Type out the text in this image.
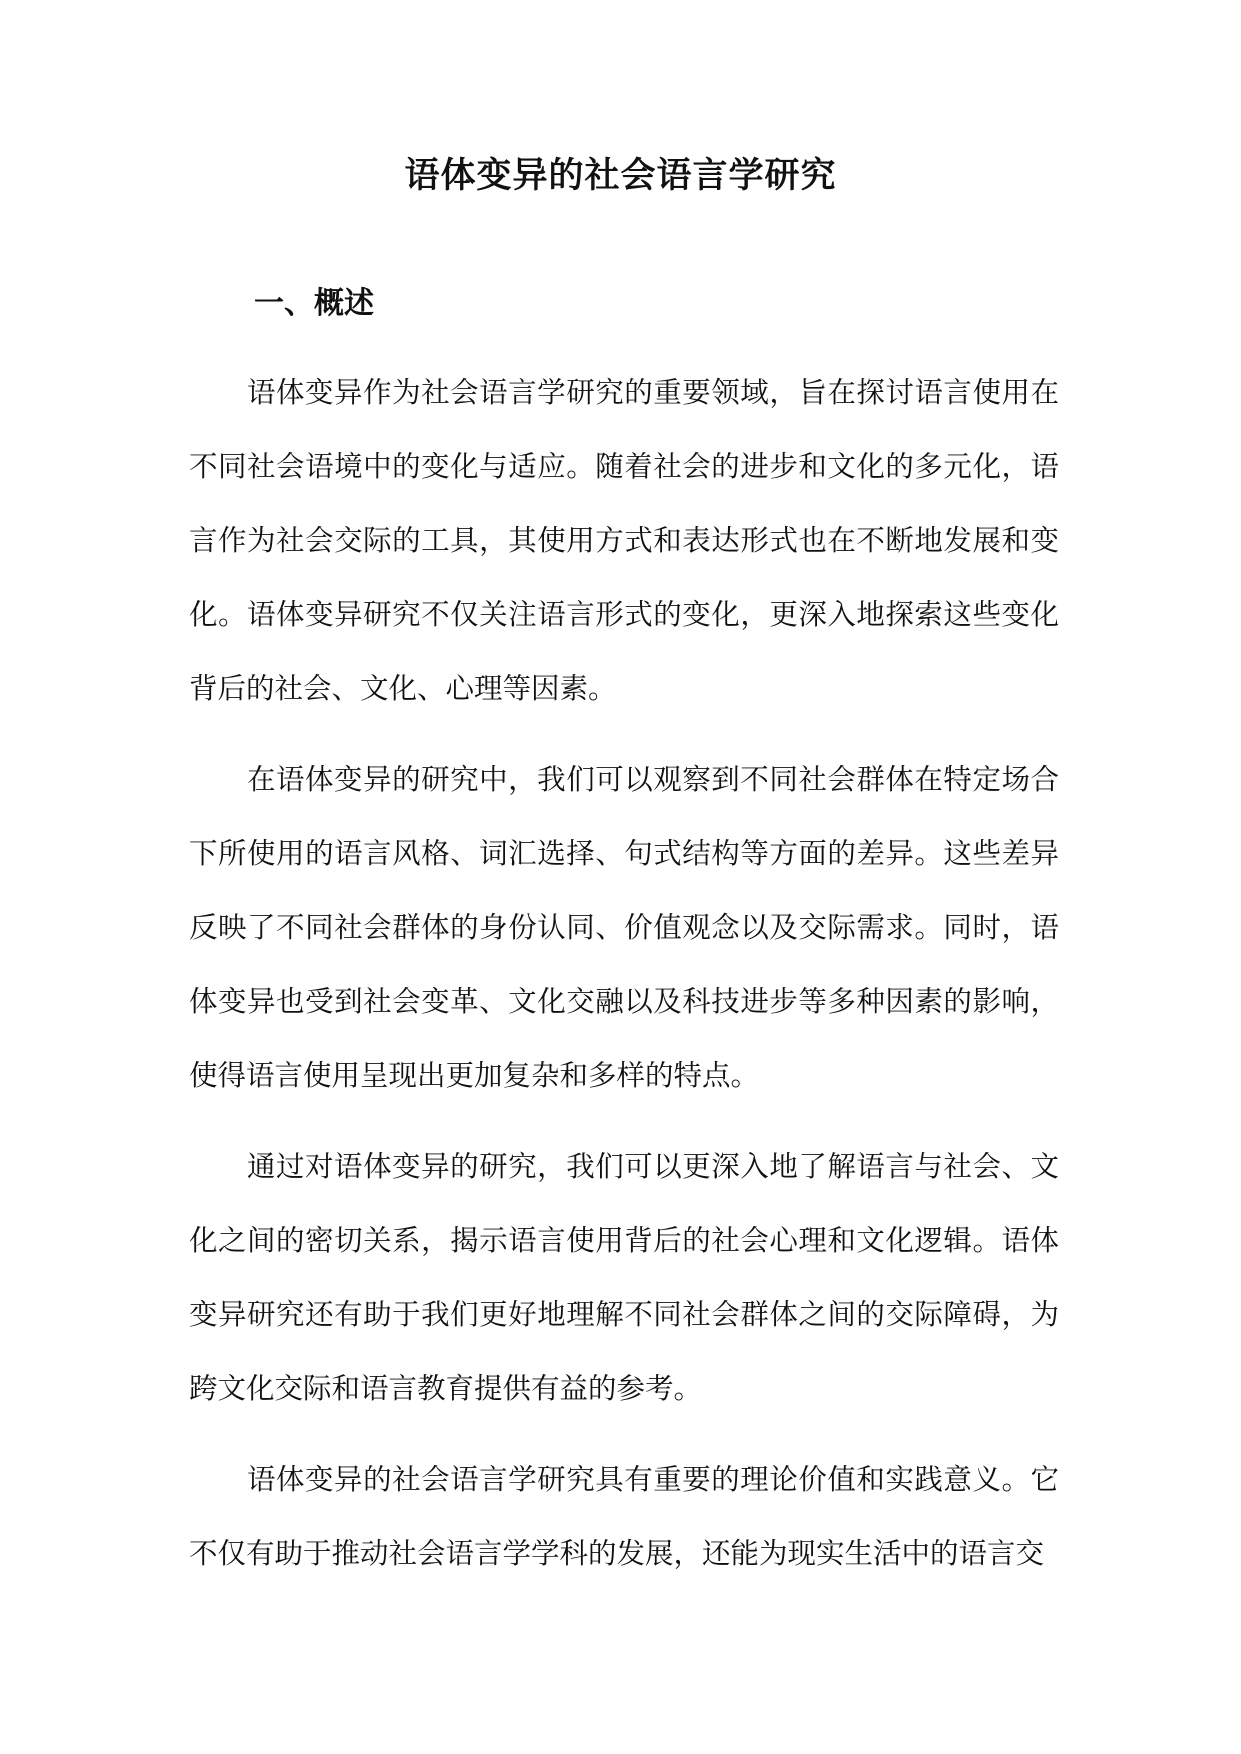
语体变异的社会语言学研究
一、概述

语体变异作为社会语言学研究的重要领域，旨在探讨语言使用在不同社会语境中的变化与适应。随着社会的进步和文化的多元化，语言作为社会交际的工具，其使用方式和表达形式也在不断地发展和变化。语体变异研究不仅关注语言形式的变化，更深入地探索这些变化背后的社会、文化、心理等因素。

在语体变异的研究中，我们可以观察到不同社会群体在特定场合下所使用的语言风格、词汇选择、句式结构等方面的差异。这些差异反映了不同社会群体的身份认同、价值观念以及交际需求。同时，语体变异也受到社会变革、文化交融以及科技进步等多种因素的影响，使得语言使用呈现出更加复杂和多样的特点。

通过对语体变异的研究，我们可以更深入地了解语言与社会、文化之间的密切关系，揭示语言使用背后的社会心理和文化逻辑。语体变异研究还有助于我们更好地理解不同社会群体之间的交际障碍，为跨文化交际和语言教育提供有益的参考。

语体变异的社会语言学研究具有重要的理论价值和实践意义。它不仅有助于推动社会语言学学科的发展，还能为现实生活中的语言交
